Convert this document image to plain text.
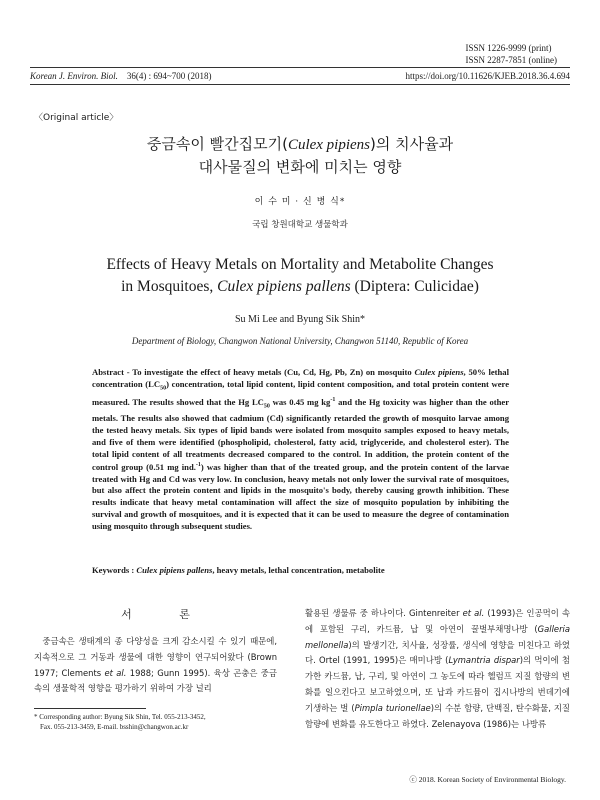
ISSN 1226-9999 (print)
ISSN 2287-7851 (online)
Korean J. Environ. Biol. 36(4) : 694~700 (2018)	https://doi.org/10.11626/KJEB.2018.36.4.694
〈Original article〉
중금속이 빨간집모기(Culex pipiens)의 치사율과
대사물질의 변화에 미치는 영향
이 수 미 · 신 병 식*
국립 창원대학교 생물학과
Effects of Heavy Metals on Mortality and Metabolite Changes
in Mosquitoes, Culex pipiens pallens (Diptera: Culicidae)
Su Mi Lee and Byung Sik Shin*
Department of Biology, Changwon National University, Changwon 51140, Republic of Korea
Abstract - To investigate the effect of heavy metals (Cu, Cd, Hg, Pb, Zn) on mosquito Culex pipiens, 50% lethal concentration $(LC_{50})$ concentration, total lipid content, lipid content composition, and total protein content were measured. The results showed that the Hg $LC_{50}$ was 0.45 mg $kg^{-1}$ and the Hg toxicity was higher than the other metals. The results also showed that cadmium (Cd) significantly retarded the growth of mosquito larvae among the tested heavy metals. Six types of lipid bands were isolated from mosquito samples exposed to heavy metals, and five of them were identified (phospholipid, cholesterol, fatty acid, triglyceride, and cholesterol ester). The total lipid content of all treatments decreased compared to the control. In addition, the protein content of the control group (0.51 mg ind.$^{-1}$) was higher than that of the treated group, and the protein content of the larvae treated with Hg and Cd was very low. In conclusion, heavy metals not only lower the survival rate of mosquitoes, but also affect the protein content and lipids in the mosquito's body, thereby causing growth inhibition. These results indicate that heavy metal contamination will affect the size of mosquito population by inhibiting the survival and growth of mosquitoes, and it is expected that it can be used to measure the degree of contamination using mosquito through subsequent studies.
Keywords : Culex pipiens pallens, heavy metals, lethal concentration, metabolite
서 론

중금속은 생태계의 종 다양성을 크게 감소시킬 수 있기 때문에, 지속적으로 그 거동과 생물에 대한 영향이 연구되어왔다 (Brown 1977; Clements et al. 1988; Gunn 1995). 육상 곤충은 중금속의 생물학적 영향을 평가하기 위하여 가장 널리

활용된 생물류 중 하나이다. Gintenreiter et al. (1993)은 인공먹이 속에 포함된 구리, 카드뮴, 납 및 아연이 꿀벌부채명나방 (Galleria mellonella)의 발생기간, 치사율, 성장률, 생식에 영향을 미친다고 하였다. Ortel (1991, 1995)은 매미나방 (Lymantria dispar)의 먹이에 첨가한 카드뮴, 납, 구리, 및 아연이 그 농도에 따라 헬럼프 지질 함량의 변화를 일으킨다고 보고하였으며, 또 납과 카드뮴이 집시나방의 번데기에 기생하는 벌 (Pimpla turionellae)의 수분 함량, 단백질, 탄수화물, 지질함량에 변화를 유도한다고 하였다. Zelenayova (1986)는 나방류

* Corresponding author: Byung Sik Shin, Tel. 055-213-3452,
Fax. 055-213-3459, E-mail. bsshin@changwon.ac.kr
ⓒ 2018. Korean Society of Environmental Biology.
